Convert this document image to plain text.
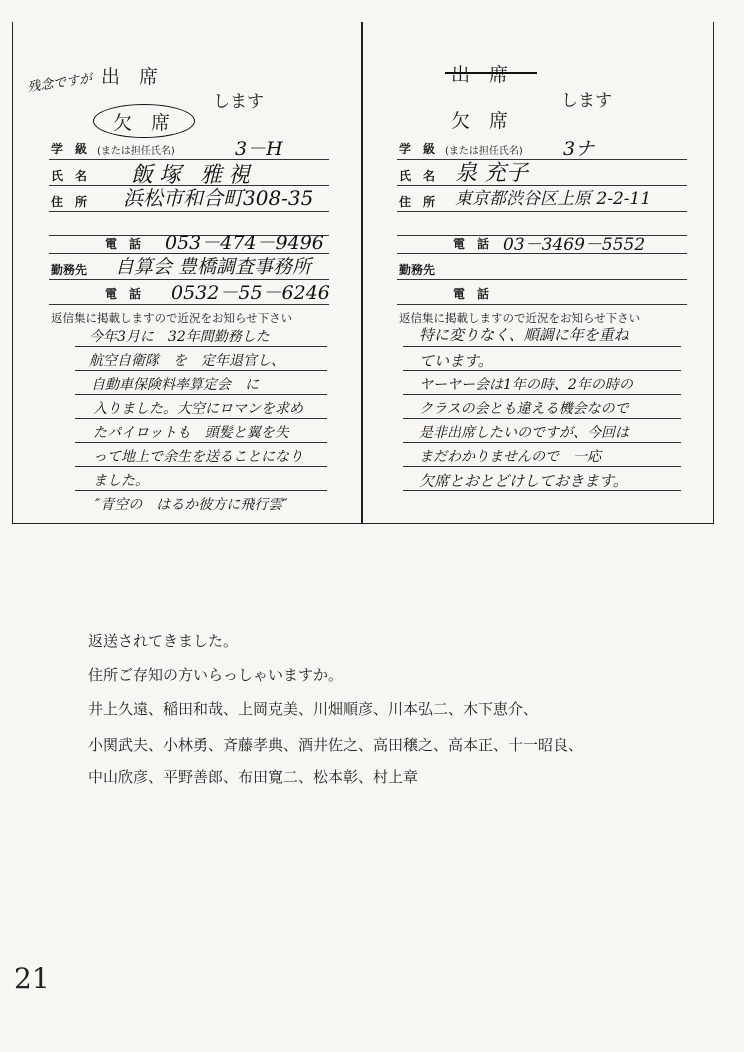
残念ですが 出　席
します
欠　席
学　級 (または担任氏名)	3－H
氏　名 飯塚 雅視
住　所 浜松市和合町308-35
電　話 053－474－9496
勤務先 自算会 豊橋調査事務所
電　話 0532－55－6246
返信集に掲載しますので近況をお知らせ下さい
今年3月に　32年間勤務した
航空自衛隊　を　定年退官し、
自動車保険料率算定会　に
入りました。大空にロマンを求め
たパイロットも　頭髪と翼を失
って地上で余生を送ることになり
ました。
″青空の　はるか彼方に飛行雲″
出　席
します
欠　席
学　級 (または担任氏名) 3ナ
氏　名 泉 充子
住　所 東京都渋谷区上原 2-2-11
電　話 03－3469－5552
勤務先
電　話
返信集に掲載しますので近況をお知らせ下さい
特に変りなく、順調に年を重ね
ています。
ヤーヤー会は1年の時、2年の時の
クラスの会とも違える機会なので
是非出席したいのですが、今回は
まだわかりませんので　一応
欠席とおとどけしておきます。
返送されてきました。
住所ご存知の方いらっしゃいますか。
井上久遠、稲田和哉、上岡克美、川畑順彦、川本弘二、木下恵介、
小関武夫、小林勇、斉藤孝典、酒井佐之、高田穣之、高本正、十一昭良、
中山欣彦、平野善郎、布田寛二、松本彰、村上章
21
